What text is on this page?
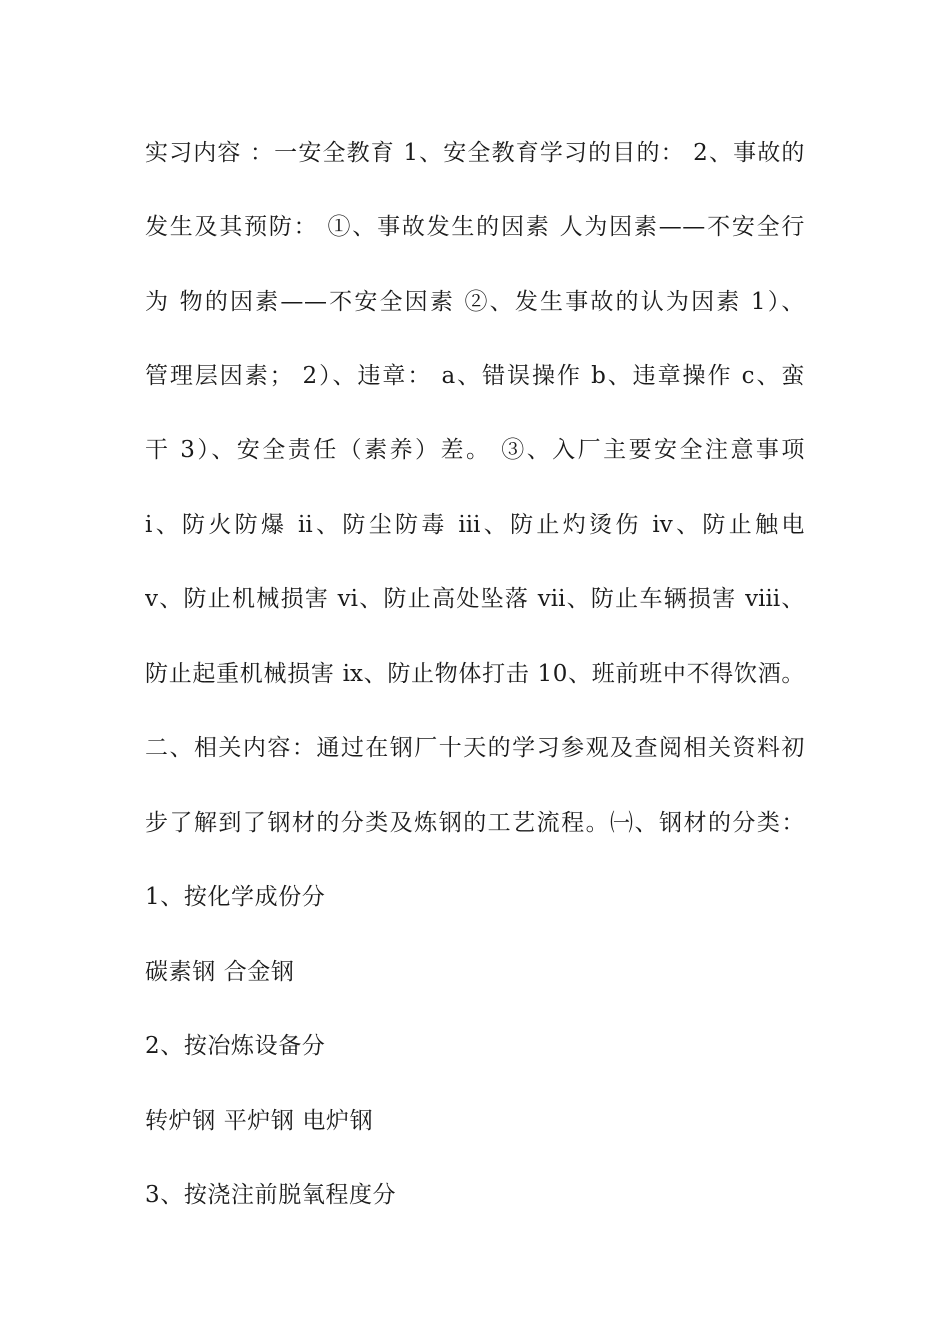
实习内容 ：一安全教育 1、安全教育学习的目的： 2、事故的
发生及其预防： ①、事故发生的因素 人为因素——不安全行
为 物的因素——不安全因素 ②、发生事故的认为因素 1）、
管理层因素； 2）、违章： a、错误操作 b、违章操作 c、蛮
干 3）、安全责任（素养）差。 ③、入厂主要安全注意事项
ⅰ、防火防爆 ⅱ、防尘防毒 ⅲ、防止灼烫伤 ⅳ、防止触电
ⅴ、防止机械损害 ⅵ、防止高处坠落 ⅶ、防止车辆损害 ⅷ、
防止起重机械损害 ⅸ、防止物体打击 10、班前班中不得饮酒。
二、相关内容：通过在钢厂十天的学习参观及查阅相关资料初
步了解到了钢材的分类及炼钢的工艺流程。㈠、钢材的分类：
1、按化学成份分
碳素钢 合金钢
2、按冶炼设备分
转炉钢 平炉钢 电炉钢
3、按浇注前脱氧程度分
